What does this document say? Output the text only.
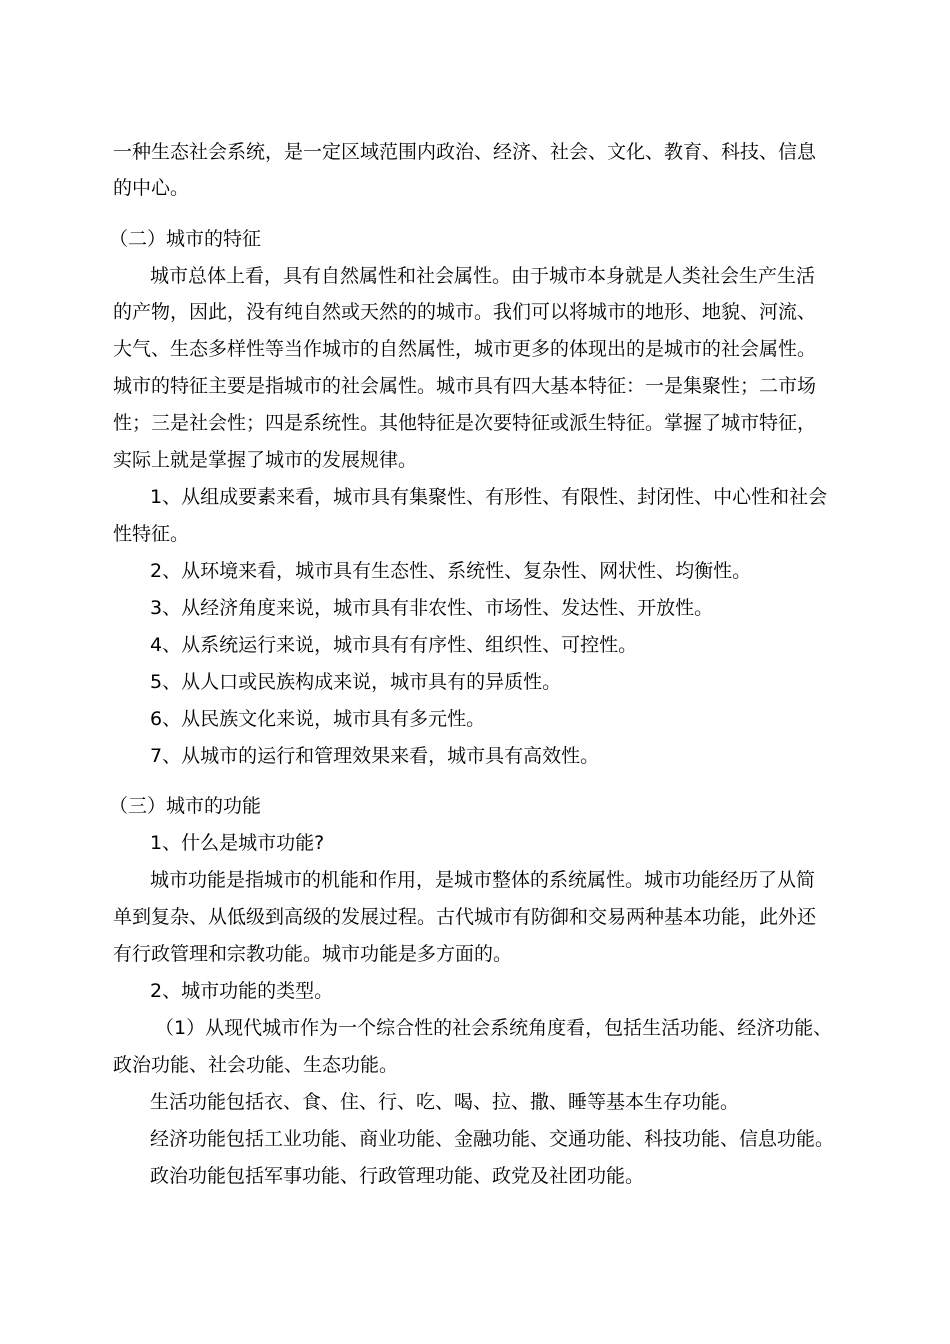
一种生态社会系统，是一定区域范围内政治、经济、社会、文化、教育、科技、信息
的中心。
（二）城市的特征
城市总体上看，具有自然属性和社会属性。由于城市本身就是人类社会生产生活
的产物，因此，没有纯自然或天然的的城市。我们可以将城市的地形、地貌、河流、
大气、生态多样性等当作城市的自然属性，城市更多的体现出的是城市的社会属性。
城市的特征主要是指城市的社会属性。城市具有四大基本特征：一是集聚性；二市场
性；三是社会性；四是系统性。其他特征是次要特征或派生特征。掌握了城市特征，
实际上就是掌握了城市的发展规律。
1、从组成要素来看，城市具有集聚性、有形性、有限性、封闭性、中心性和社会
性特征。
2、从环境来看，城市具有生态性、系统性、复杂性、网状性、均衡性。
3、从经济角度来说，城市具有非农性、市场性、发达性、开放性。
4、从系统运行来说，城市具有有序性、组织性、可控性。
5、从人口或民族构成来说，城市具有的异质性。
6、从民族文化来说，城市具有多元性。
7、从城市的运行和管理效果来看，城市具有高效性。
（三）城市的功能
1、什么是城市功能?
城市功能是指城市的机能和作用，是城市整体的系统属性。城市功能经历了从简
单到复杂、从低级到高级的发展过程。古代城市有防御和交易两种基本功能，此外还
有行政管理和宗教功能。城市功能是多方面的。
2、城市功能的类型。
（1）从现代城市作为一个综合性的社会系统角度看，包括生活功能、经济功能、
政治功能、社会功能、生态功能。
生活功能包括衣、食、住、行、吃、喝、拉、撒、睡等基本生存功能。
经济功能包括工业功能、商业功能、金融功能、交通功能、科技功能、信息功能。
政治功能包括军事功能、行政管理功能、政党及社团功能。
